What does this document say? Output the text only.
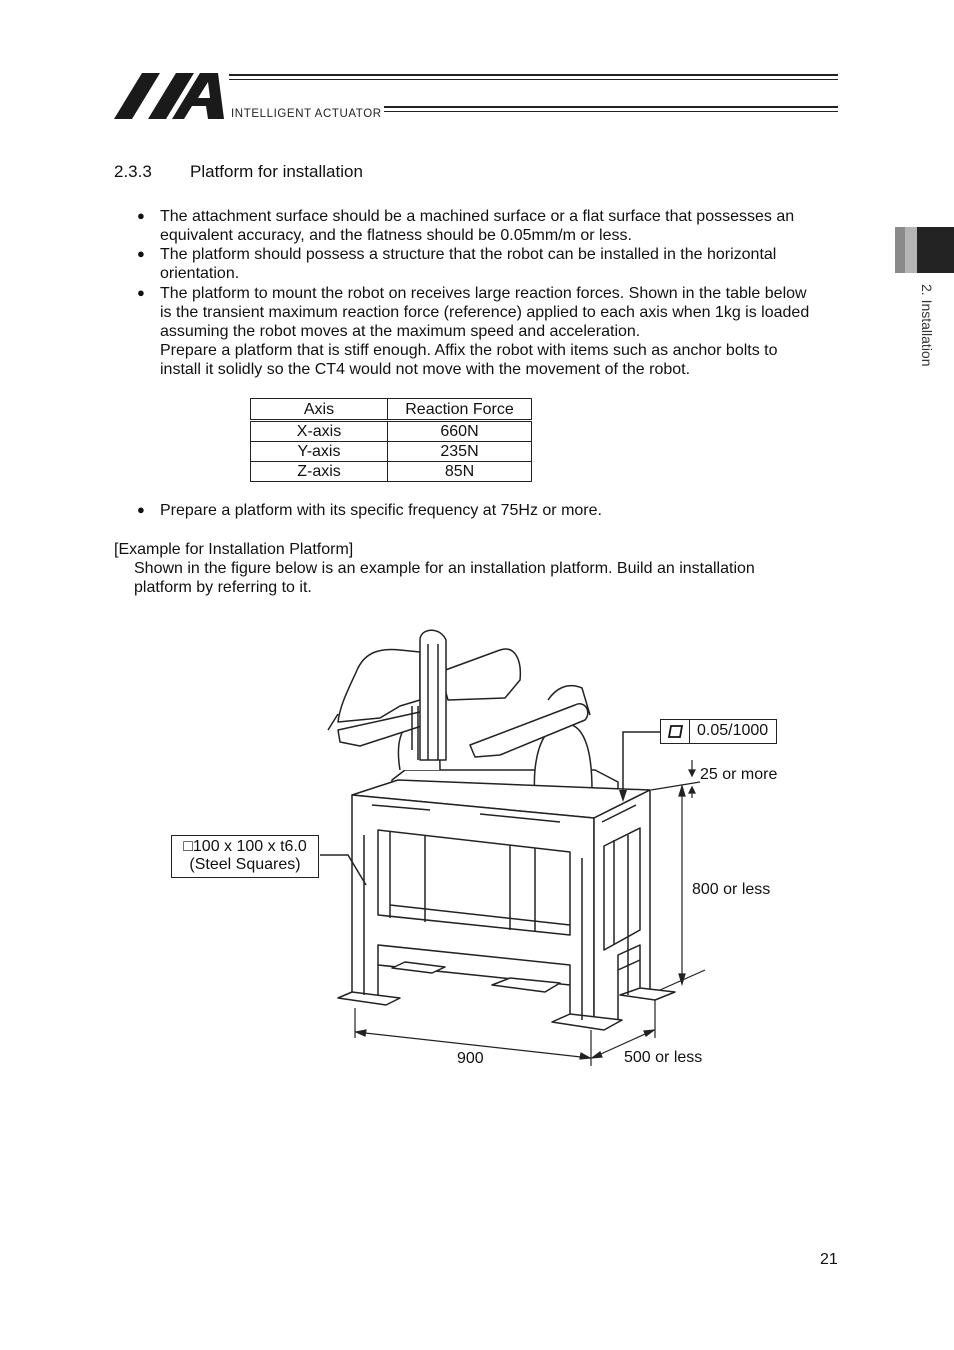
INTELLIGENT ACTUATOR
2. Installation
2.3.3 Platform for installation
● The attachment surface should be a machined surface or a flat surface that possesses an
equivalent accuracy, and the flatness should be 0.05mm/m or less.
● The platform should possess a structure that the robot can be installed in the horizontal
orientation.
● The platform to mount the robot on receives large reaction forces. Shown in the table below
is the transient maximum reaction force (reference) applied to each axis when 1kg is loaded
assuming the robot moves at the maximum speed and acceleration.
Prepare a platform that is stiff enough. Affix the robot with items such as anchor bolts to
install it solidly so the CT4 would not move with the movement of the robot.
Axis	Reaction Force
X-axis	660N
Y-axis	235N
Z-axis	85N
● Prepare a platform with its specific frequency at 75Hz or more.
[Example for Installation Platform]
Shown in the figure below is an example for an installation platform. Build an installation
platform by referring to it.
0.05/1000
□100 x 100 x t6.0
(Steel Squares)
25 or more
800 or less
900	500 or less
21
